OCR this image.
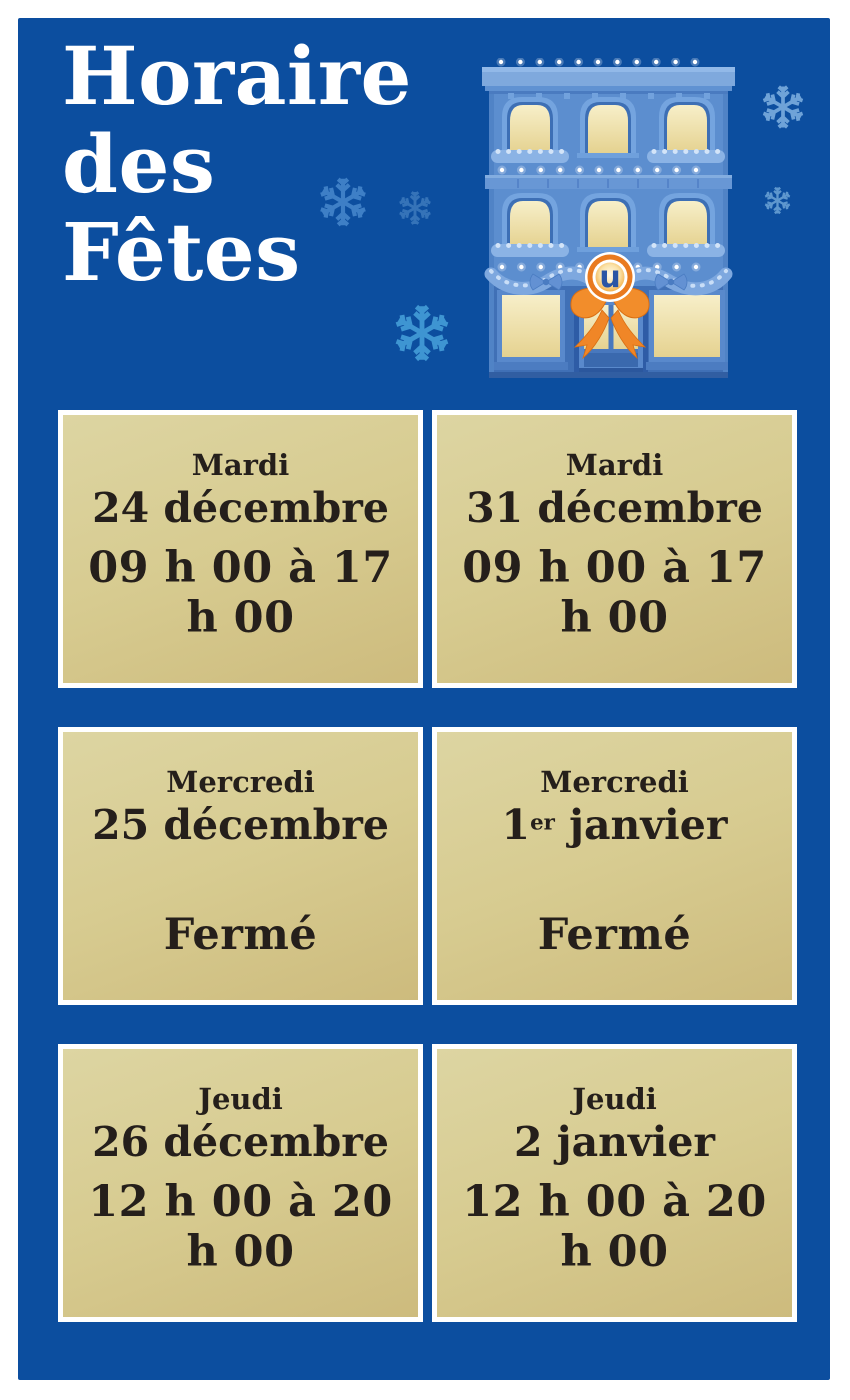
Horaire
des
Fêtes	u
Mardi
24 décembre
09 h 00 à 17 h 00
Mardi
31 décembre
09 h 00 à 17 h 00
Mercredi
25 décembre
Fermé
Mercredi
1er janvier
Fermé
Jeudi
26 décembre
12 h 00 à 20 h 00
Jeudi
2 janvier
12 h 00 à 20 h 00
